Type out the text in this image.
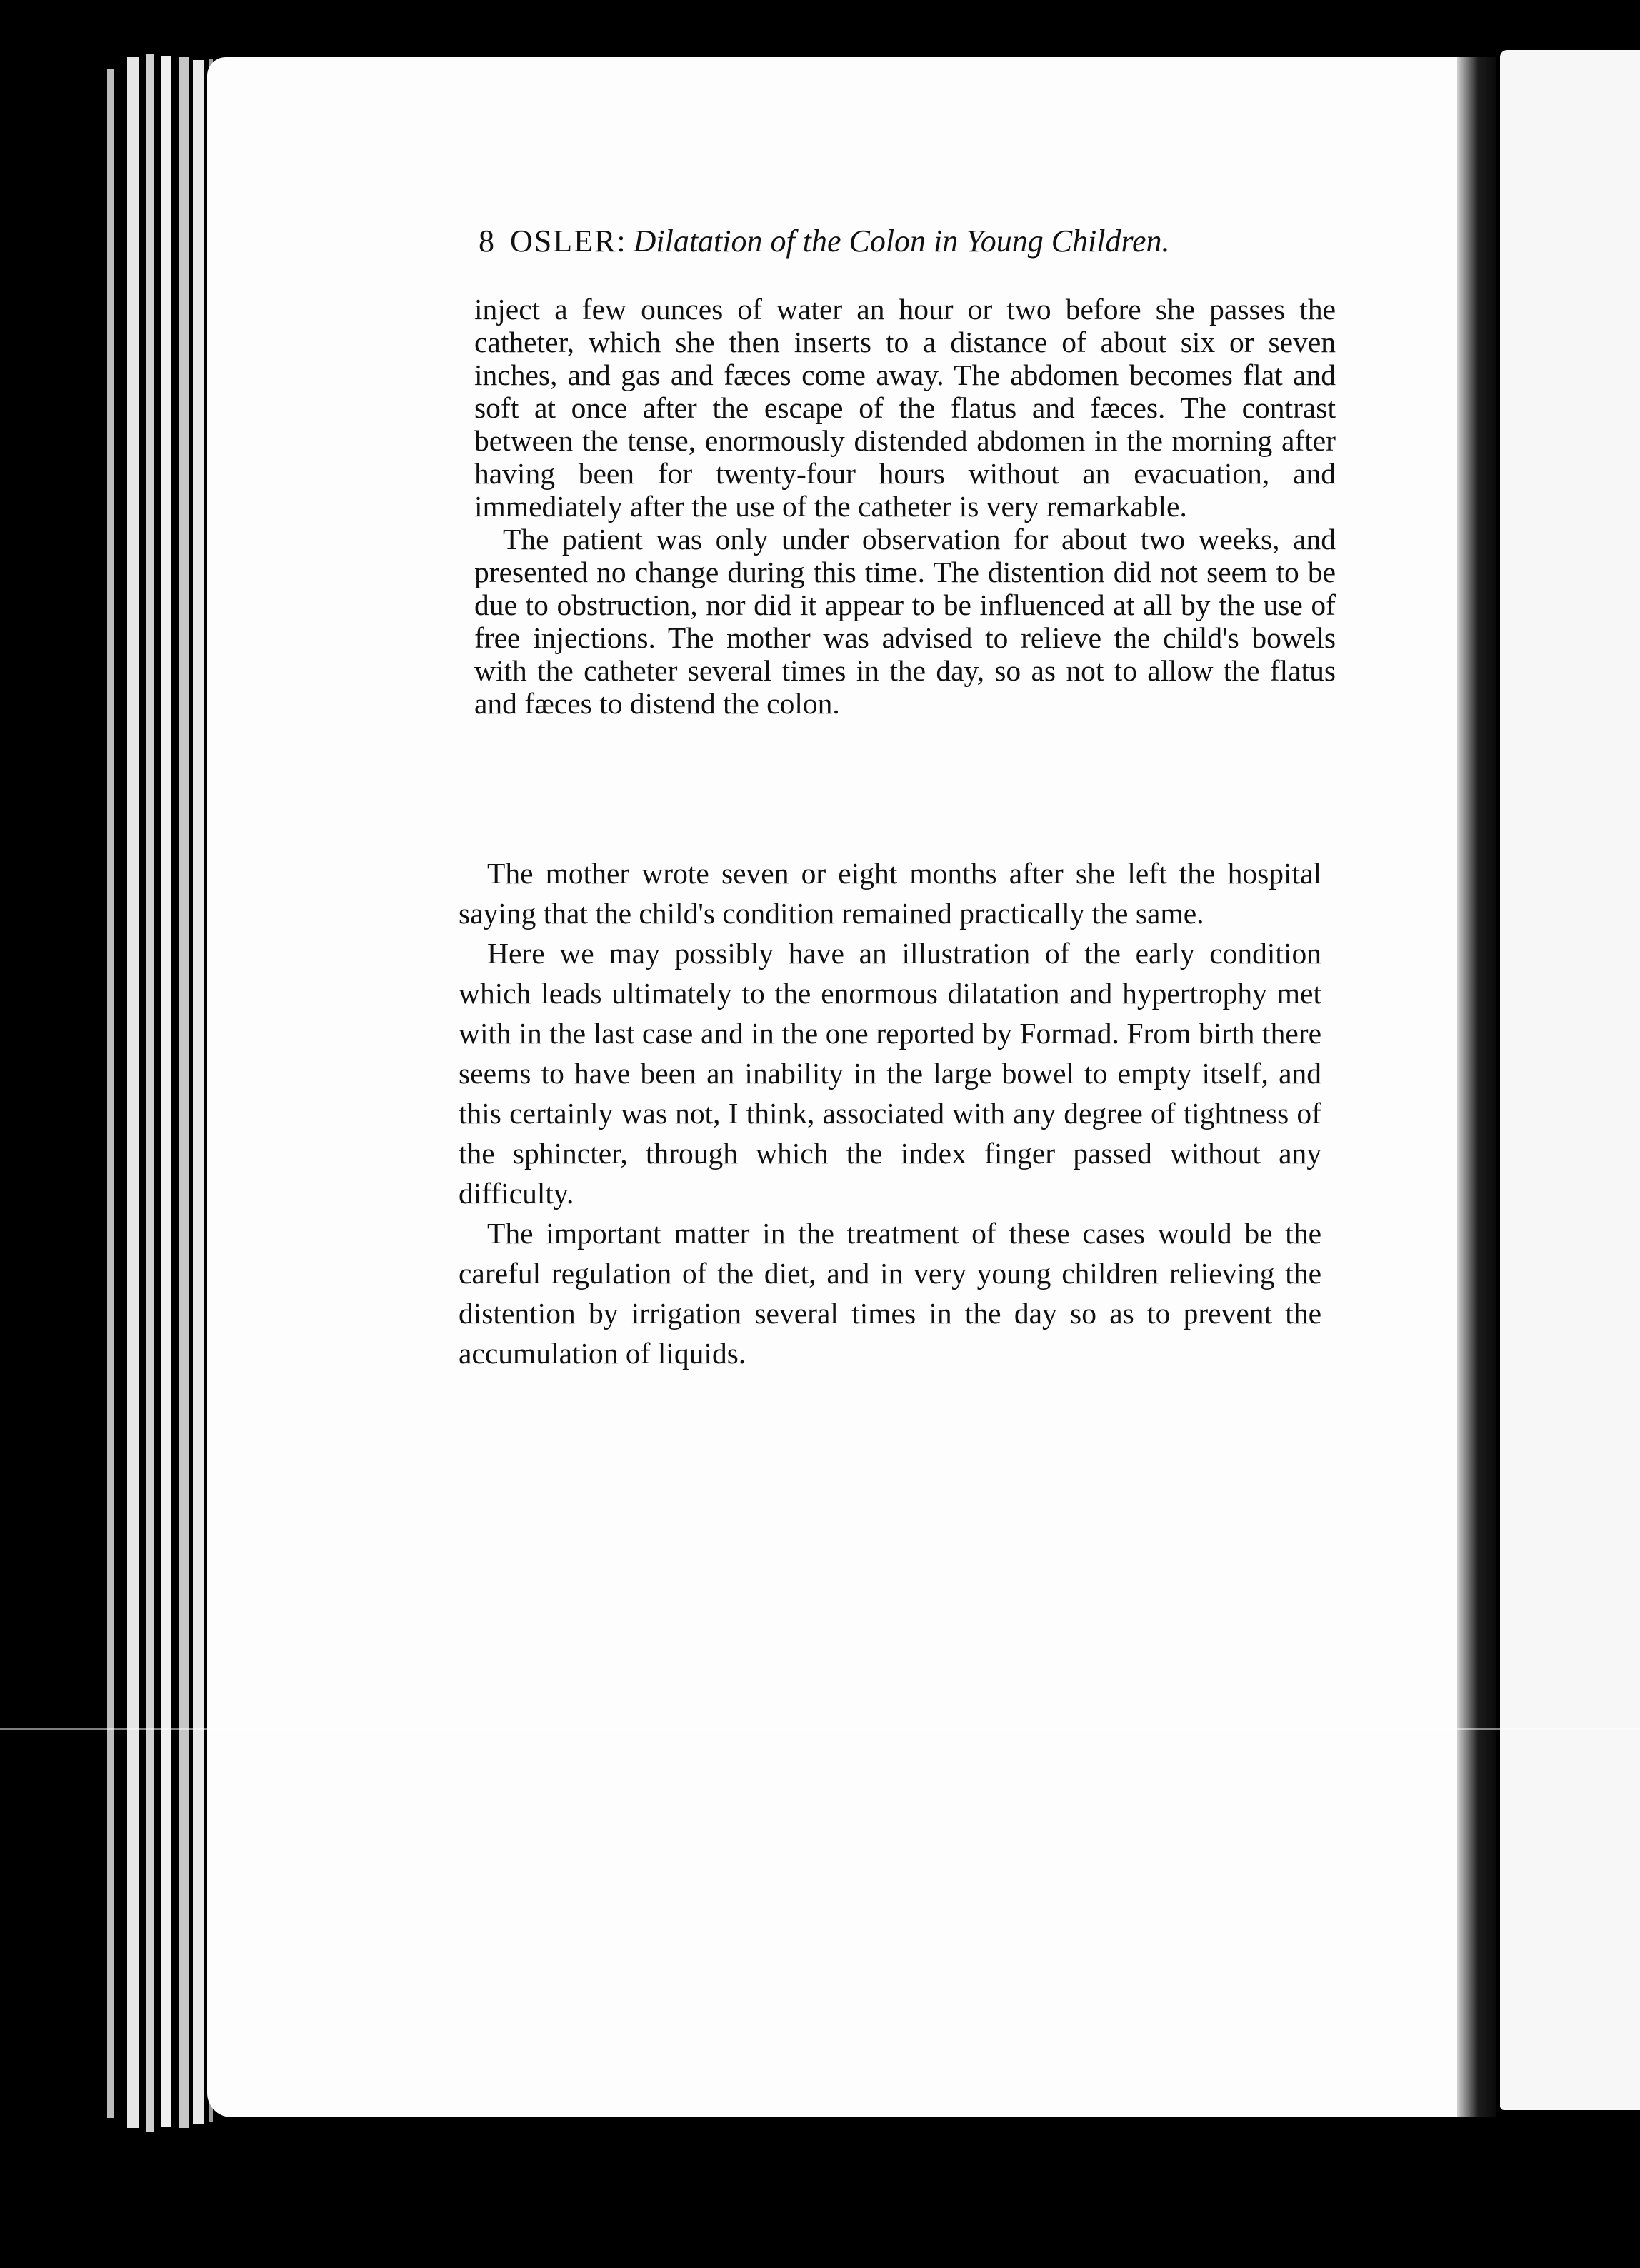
8 OSLER: Dilatation of the Colon in Young Children.

inject a few ounces of water an hour or two before she passes the catheter, which she then inserts to a distance of about six or seven inches, and gas and fæces come away. The abdomen becomes flat and soft at once after the escape of the flatus and fæces. The contrast between the tense, enormously distended abdomen in the morning after having been for twenty-four hours without an evacuation, and immediately after the use of the catheter is very remarkable.

The patient was only under observation for about two weeks, and presented no change during this time. The distention did not seem to be due to obstruction, nor did it appear to be influenced at all by the use of free injections. The mother was advised to relieve the child's bowels with the catheter several times in the day, so as not to allow the flatus and fæces to distend the colon.

The mother wrote seven or eight months after she left the hospital saying that the child's condition remained practically the same.

Here we may possibly have an illustration of the early condition which leads ultimately to the enormous dilatation and hypertrophy met with in the last case and in the one reported by Formad. From birth there seems to have been an inability in the large bowel to empty itself, and this certainly was not, I think, associated with any degree of tightness of the sphincter, through which the index finger passed without any difficulty.

The important matter in the treatment of these cases would be the careful regulation of the diet, and in very young children relieving the distention by irrigation several times in the day so as to prevent the accumulation of liquids.
